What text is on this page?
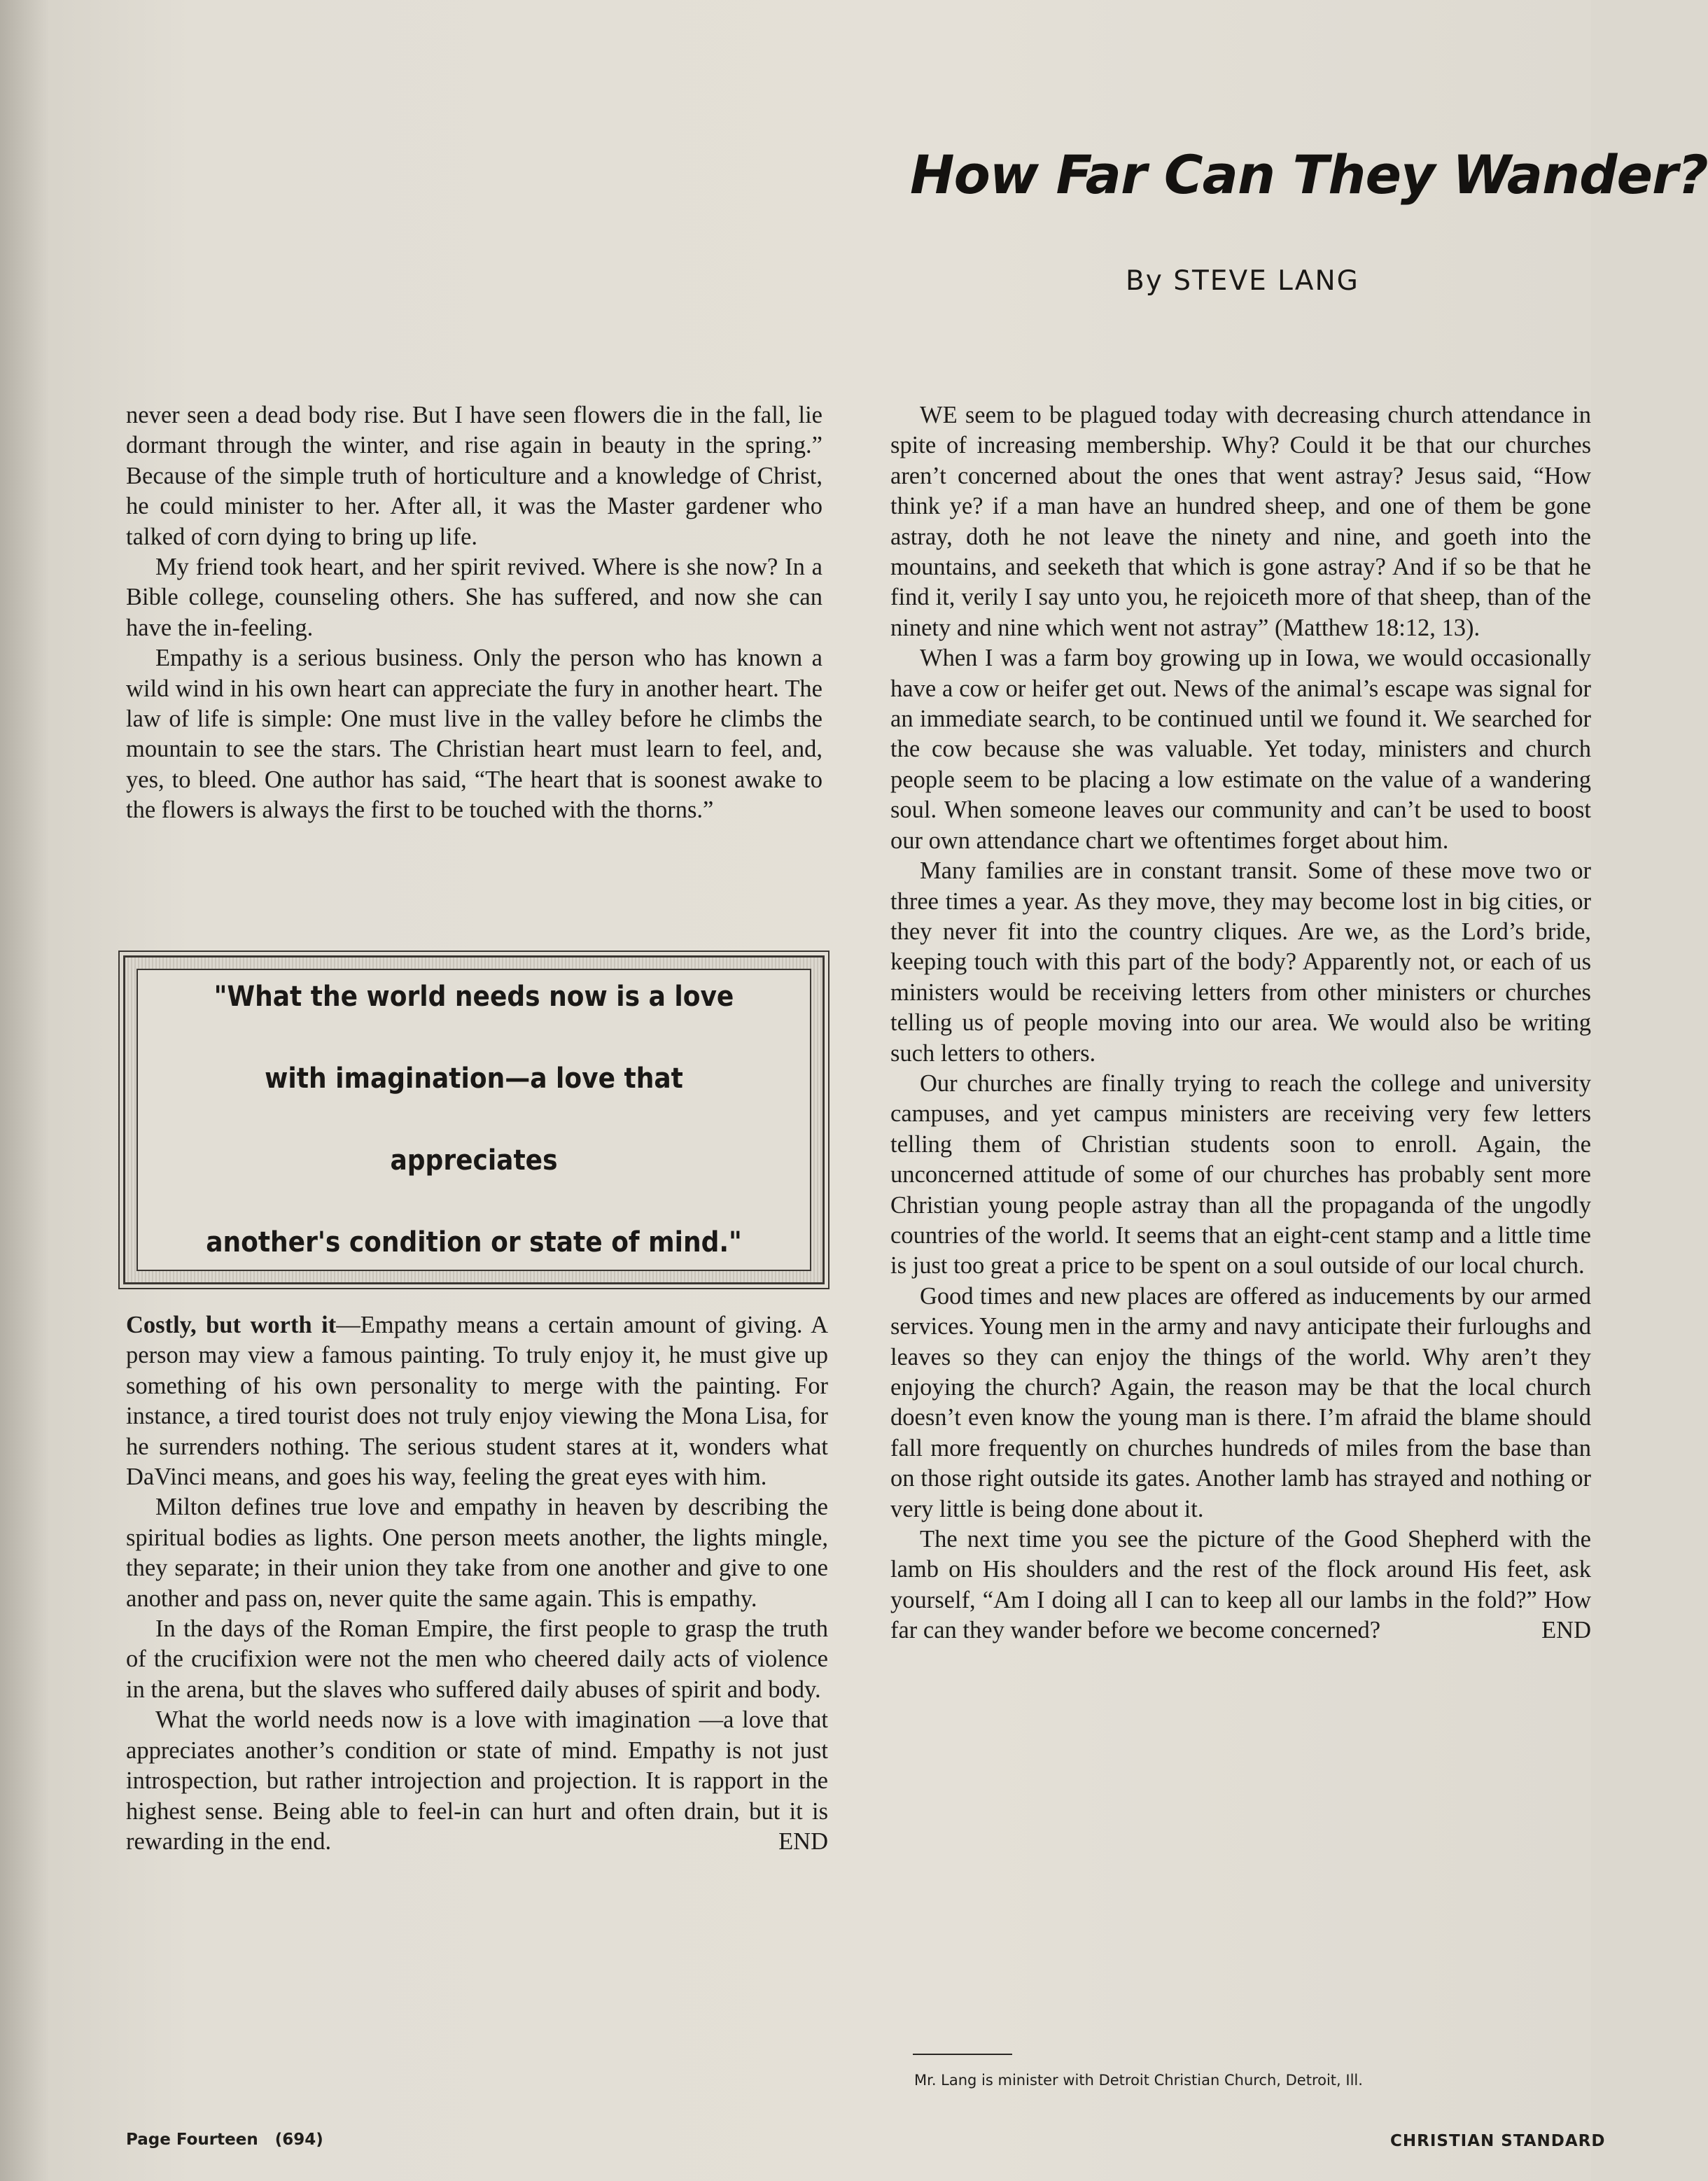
How Far Can They Wander?
By STEVE LANG

never seen a dead body rise. But I have seen flowers die in the fall, lie dormant through the winter, and rise again in beauty in the spring.” Because of the simple truth of horticulture and a knowledge of Christ, he could minister to her. After all, it was the Master gardener who talked of corn dying to bring up life.

My friend took heart, and her spirit revived. Where is she now? In a Bible college, counseling others. She has suffered, and now she can have the in-feeling.

Empathy is a serious business. Only the person who has known a wild wind in his own heart can appreciate the fury in another heart. The law of life is simple: One must live in the valley before he climbs the mountain to see the stars. The Christian heart must learn to feel, and, yes, to bleed. One author has said, “The heart that is soonest awake to the flowers is always the first to be touched with the thorns.”

"What the world needs now is a love
with imagination—a love that appreciates
another's condition or state of mind."

Costly, but worth it—Empathy means a certain amount of giving. A person may view a famous painting. To truly enjoy it, he must give up something of his own personality to merge with the painting. For instance, a tired tourist does not truly enjoy viewing the Mona Lisa, for he surrenders nothing. The serious student stares at it, wonders what DaVinci means, and goes his way, feeling the great eyes with him.

Milton defines true love and empathy in heaven by describing the spiritual bodies as lights. One person meets another, the lights mingle, they separate; in their union they take from one another and give to one another and pass on, never quite the same again. This is empathy.

In the days of the Roman Empire, the first people to grasp the truth of the crucifixion were not the men who cheered daily acts of violence in the arena, but the slaves who suffered daily abuses of spirit and body.

What the world needs now is a love with imagination —a love that appreciates another’s condition or state of mind. Empathy is not just introspection, but rather introjection and projection. It is rapport in the highest sense. Being able to feel-in can hurt and often drain, but it is rewarding in the end.	END

WE seem to be plagued today with decreasing church attendance in spite of increasing membership. Why? Could it be that our churches aren’t concerned about the ones that went astray? Jesus said, “How think ye? if a man have an hundred sheep, and one of them be gone astray, doth he not leave the ninety and nine, and goeth into the mountains, and seeketh that which is gone astray? And if so be that he find it, verily I say unto you, he rejoiceth more of that sheep, than of the ninety and nine which went not astray” (Matthew 18:12, 13).

When I was a farm boy growing up in Iowa, we would occasionally have a cow or heifer get out. News of the animal’s escape was signal for an immediate search, to be continued until we found it. We searched for the cow because she was valuable. Yet today, ministers and church people seem to be placing a low estimate on the value of a wandering soul. When someone leaves our community and can’t be used to boost our own attendance chart we oftentimes forget about him.

Many families are in constant transit. Some of these move two or three times a year. As they move, they may become lost in big cities, or they never fit into the country cliques. Are we, as the Lord’s bride, keeping touch with this part of the body? Apparently not, or each of us ministers would be receiving letters from other ministers or churches telling us of people moving into our area. We would also be writing such letters to others.

Our churches are finally trying to reach the college and university campuses, and yet campus ministers are receiving very few letters telling them of Christian students soon to enroll. Again, the unconcerned attitude of some of our churches has probably sent more Christian young people astray than all the propaganda of the ungodly countries of the world. It seems that an eight-cent stamp and a little time is just too great a price to be spent on a soul outside of our local church.

Good times and new places are offered as inducements by our armed services. Young men in the army and navy anticipate their furloughs and leaves so they can enjoy the things of the world. Why aren’t they enjoying the church? Again, the reason may be that the local church doesn’t even know the young man is there. I’m afraid the blame should fall more frequently on churches hundreds of miles from the base than on those right outside its gates. Another lamb has strayed and nothing or very little is being done about it.

The next time you see the picture of the Good Shepherd with the lamb on His shoulders and the rest of the flock around His feet, ask yourself, “Am I doing all I can to keep all our lambs in the fold?” How far can they wander before we become concerned?	END

Mr. Lang is minister with Detroit Christian Church, Detroit, Ill.
Page Fourteen   (694)	CHRISTIAN STANDARD
